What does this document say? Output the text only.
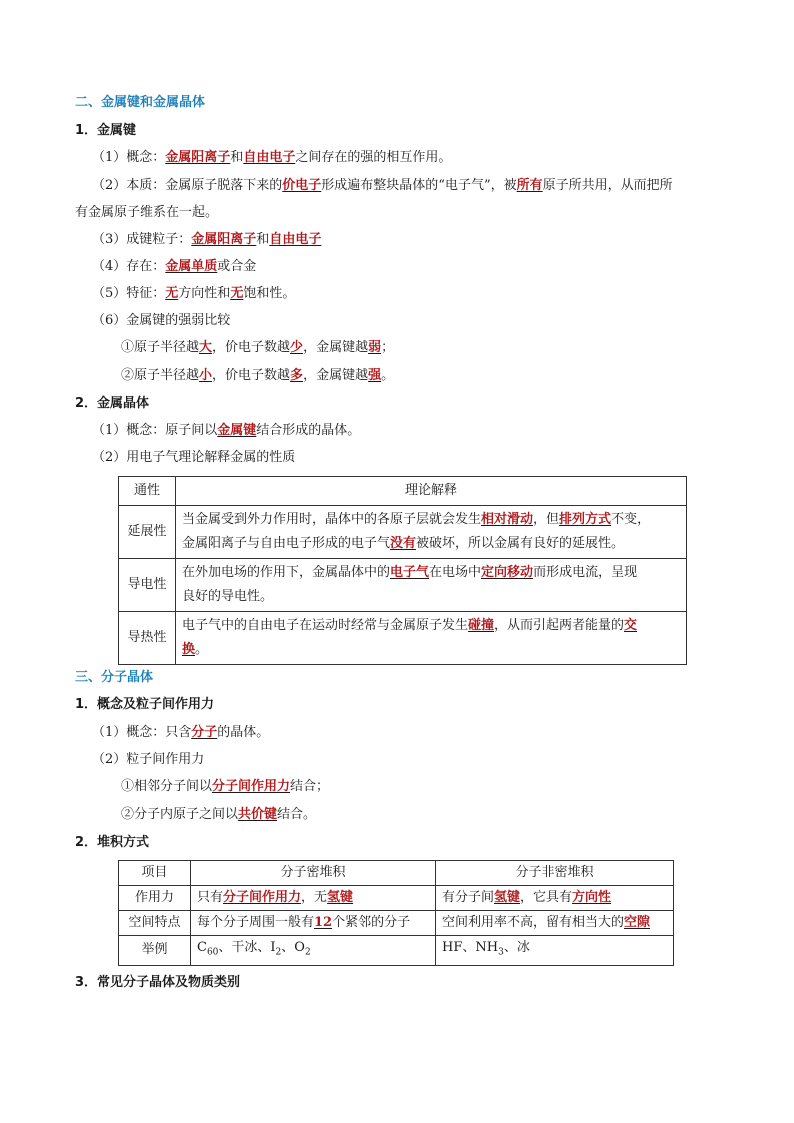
二、金属键和金属晶体
1．金属键
（1）概念：金属阳离子和自由电子之间存在的强的相互作用。
（2）本质：金属原子脱落下来的价电子形成遍布整块晶体的“电子气”，被所有原子所共用，从而把所
有金属原子维系在一起。
（3）成键粒子：金属阳离子和自由电子
（4）存在：金属单质或合金
（5）特征：无方向性和无饱和性。
（6）金属键的强弱比较
①原子半径越大，价电子数越少，金属键越弱；
②原子半径越小，价电子数越多，金属键越强。
2．金属晶体
（1）概念：原子间以金属键结合形成的晶体。
（2）用电子气理论解释金属的性质
通性	理论解释
延展性	当金属受到外力作用时，晶体中的各原子层就会发生相对滑动，但排列方式不变，
金属阳离子与自由电子形成的电子气没有被破坏，所以金属有良好的延展性。

导电性	在外加电场的作用下，金属晶体中的电子气在电场中定向移动而形成电流，呈现
良好的导电性。

导热性	电子气中的自由电子在运动时经常与金属原子发生碰撞，从而引起两者能量的交
换。
三、分子晶体
1．概念及粒子间作用力
（1）概念：只含分子的晶体。
（2）粒子间作用力
①相邻分子间以分子间作用力结合；
②分子内原子之间以共价键结合。
2．堆积方式
项目	分子密堆积	分子非密堆积
作用力	只有分子间作用力，无氢键	有分子间氢键，它具有方向性
空间特点	每个分子周围一般有12个紧邻的分子	空间利用率不高，留有相当大的空隙
举例	$C_{60}$、干冰、$I_2$、$O_2$	HF、$NH_3$、冰
3．常见分子晶体及物质类别
